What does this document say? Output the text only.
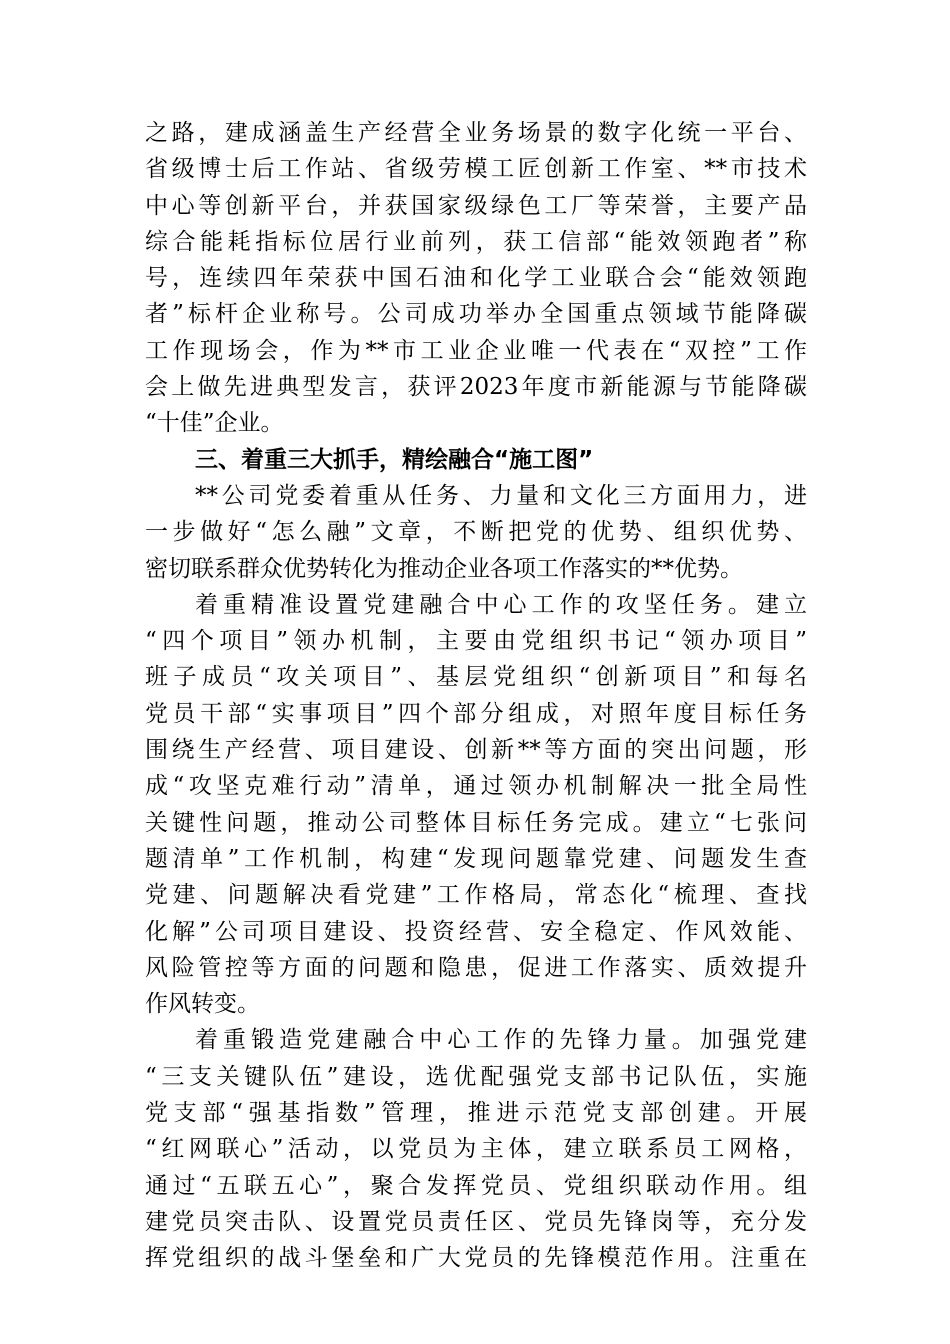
之路，建成涵盖生产经营全业务场景的数字化统一平台、
省级博士后工作站、省级劳模工匠创新工作室、**市技术
中心等创新平台，并获国家级绿色工厂等荣誉，主要产品
综合能耗指标位居行业前列，获工信部“能效领跑者”称
号，连续四年荣获中国石油和化学工业联合会“能效领跑
者”标杆企业称号。公司成功举办全国重点领域节能降碳
工作现场会，作为**市工业企业唯一代表在“双控”工作
会上做先进典型发言，获评2023年度市新能源与节能降碳
“十佳”企业。
三、着重三大抓手，精绘融合“施工图”
**公司党委着重从任务、力量和文化三方面用力，进
一步做好“怎么融”文章，不断把党的优势、组织优势、
密切联系群众优势转化为推动企业各项工作落实的**优势。
着重精准设置党建融合中心工作的攻坚任务。建立
“四个项目”领办机制，主要由党组织书记“领办项目”
班子成员“攻关项目”、基层党组织“创新项目”和每名
党员干部“实事项目”四个部分组成，对照年度目标任务
围绕生产经营、项目建设、创新**等方面的突出问题，形
成“攻坚克难行动”清单，通过领办机制解决一批全局性
关键性问题，推动公司整体目标任务完成。建立“七张问
题清单”工作机制，构建“发现问题靠党建、问题发生查
党建、问题解决看党建”工作格局，常态化“梳理、查找
化解”公司项目建设、投资经营、安全稳定、作风效能、
风险管控等方面的问题和隐患，促进工作落实、质效提升
作风转变。
着重锻造党建融合中心工作的先锋力量。加强党建
“三支关键队伍”建设，选优配强党支部书记队伍，实施
党支部“强基指数”管理，推进示范党支部创建。开展
“红网联心”活动，以党员为主体，建立联系员工网格，
通过“五联五心”，聚合发挥党员、党组织联动作用。组
建党员突击队、设置党员责任区、党员先锋岗等，充分发
挥党组织的战斗堡垒和广大党员的先锋模范作用。注重在
